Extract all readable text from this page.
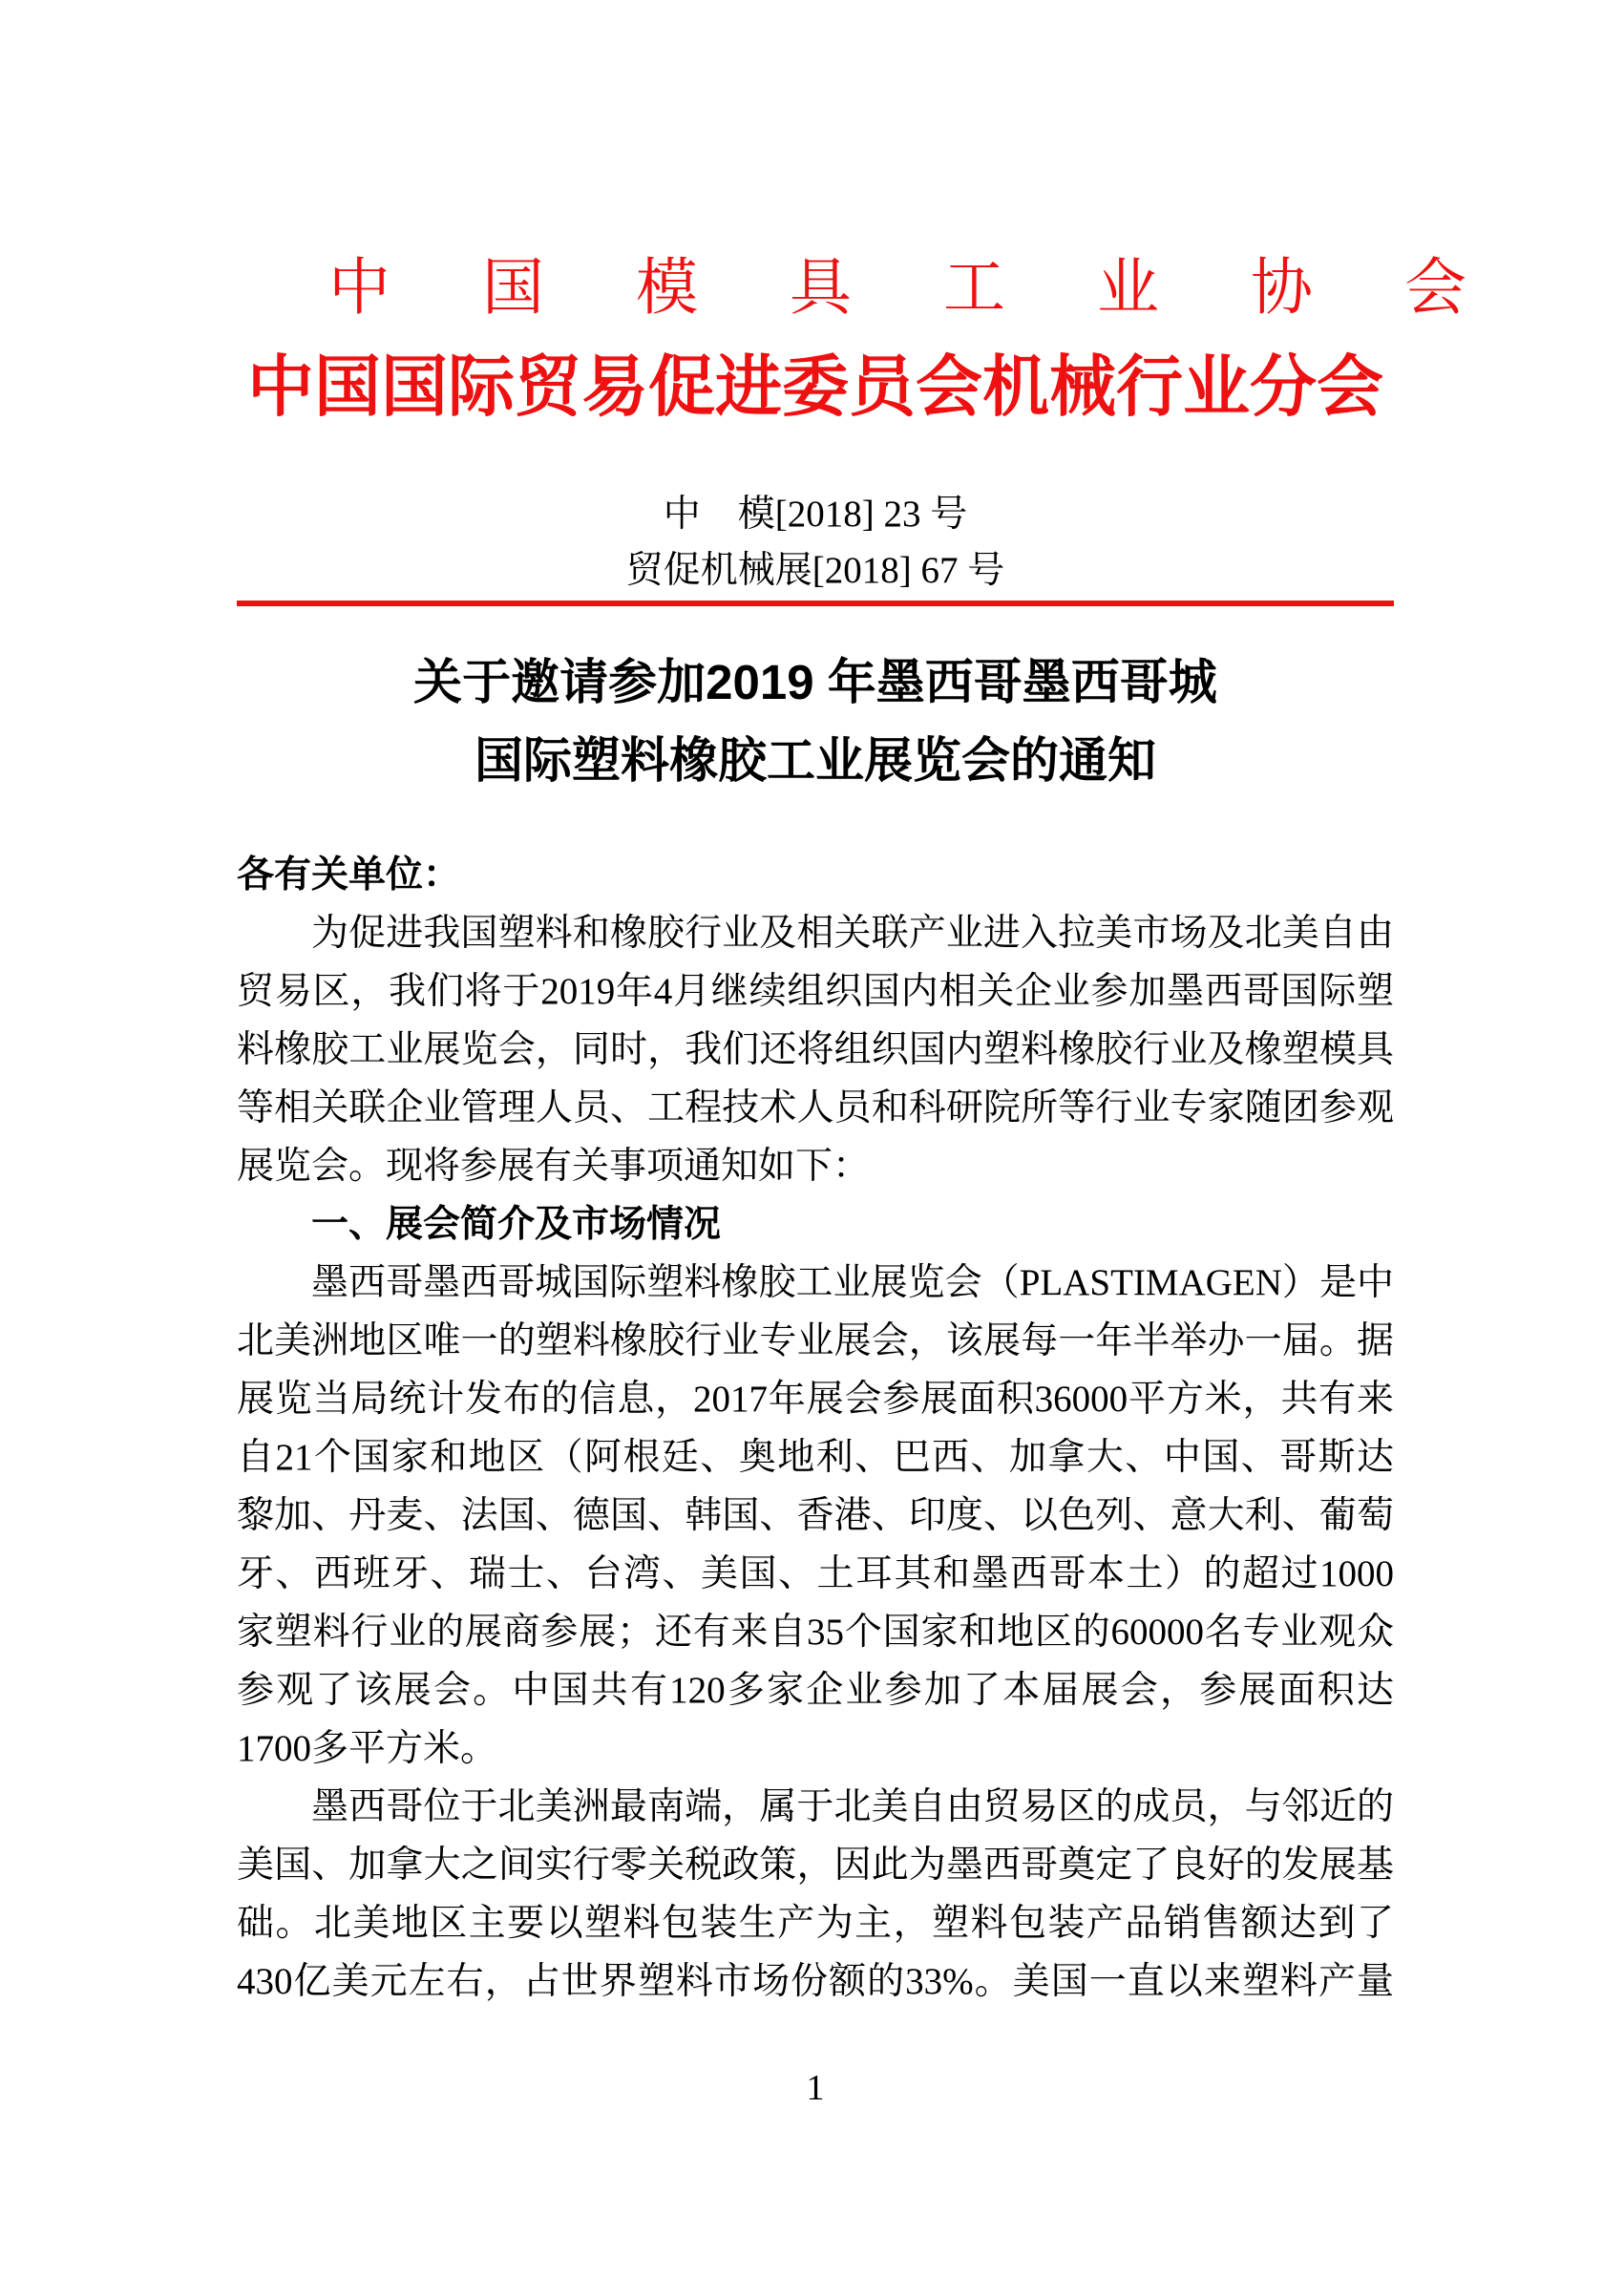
中国模具工业协会
中国国际贸易促进委员会机械行业分会
中　模[2018] 23 号
贸促机械展[2018] 67 号
关于邀请参加2019 年墨西哥墨西哥城
国际塑料橡胶工业展览会的通知
各有关单位：
为促进我国塑料和橡胶行业及相关联产业进入拉美市场及北美自由
贸易区，我们将于2019年4月继续组织国内相关企业参加墨西哥国际塑
料橡胶工业展览会，同时，我们还将组织国内塑料橡胶行业及橡塑模具
等相关联企业管理人员、工程技术人员和科研院所等行业专家随团参观
展览会。现将参展有关事项通知如下：
一、展会简介及市场情况
墨西哥墨西哥城国际塑料橡胶工业展览会（PLASTIMAGEN）是中
北美洲地区唯一的塑料橡胶行业专业展会，该展每一年半举办一届。据
展览当局统计发布的信息，2017年展会参展面积36000平方米，共有来
自21个国家和地区（阿根廷、奥地利、巴西、加拿大、中国、哥斯达
黎加、丹麦、法国、德国、韩国、香港、印度、以色列、意大利、葡萄
牙、西班牙、瑞士、台湾、美国、土耳其和墨西哥本土）的超过1000
家塑料行业的展商参展；还有来自35个国家和地区的60000名专业观众
参观了该展会。中国共有120多家企业参加了本届展会，参展面积达
1700多平方米。
墨西哥位于北美洲最南端，属于北美自由贸易区的成员，与邻近的
美国、加拿大之间实行零关税政策，因此为墨西哥奠定了良好的发展基
础。北美地区主要以塑料包装生产为主，塑料包装产品销售额达到了
430亿美元左右，占世界塑料市场份额的33%。美国一直以来塑料产量
1
